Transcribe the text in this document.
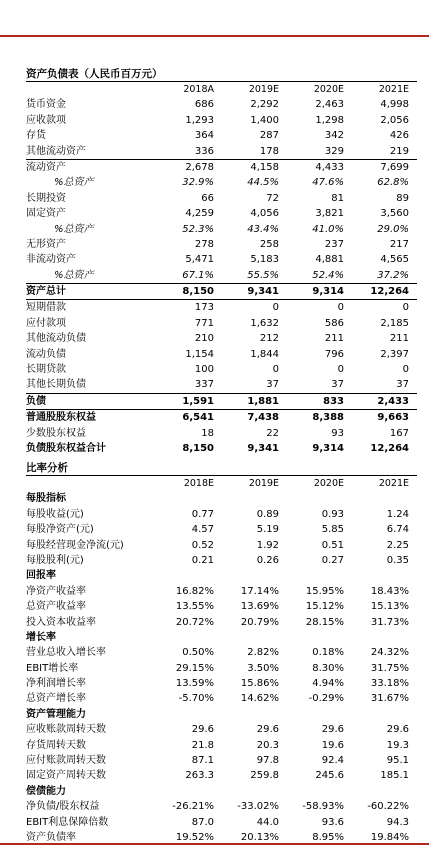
资产负债表（人民币百万元）
2018A	2019E	2020E	2021E
货币资金	686	2,292	2,463	4,998
应收款项	1,293	1,400	1,298	2,056
存货	364	287	342	426
其他流动资产	336	178	329	219
流动资产	2,678	4,158	4,433	7,699
%总资产	32.9%	44.5%	47.6%	62.8%
长期投资	66	72	81	89
固定资产	4,259	4,056	3,821	3,560
%总资产	52.3%	43.4%	41.0%	29.0%
无形资产	278	258	237	217
非流动资产	5,471	5,183	4,881	4,565
%总资产	67.1%	55.5%	52.4%	37.2%
资产总计	8,150	9,341	9,314	12,264
短期借款	173	0	0	0
应付款项	771	1,632	586	2,185
其他流动负债	210	212	211	211
流动负债	1,154	1,844	796	2,397
长期贷款	100	0	0	0
其他长期负债	337	37	37	37
负债	1,591	1,881	833	2,433
普通股股东权益	6,541	7,438	8,388	9,663
少数股东权益	18	22	93	167
负债股东权益合计	8,150	9,341	9,314	12,264
比率分析
2018E	2019E	2020E	2021E
每股指标
每股收益(元)	0.77	0.89	0.93	1.24
每股净资产(元)	4.57	5.19	5.85	6.74
每股经营现金净流(元)	0.52	1.92	0.51	2.25
每股股利(元)	0.21	0.26	0.27	0.35
回报率
净资产收益率	16.82%	17.14%	15.95%	18.43%
总资产收益率	13.55%	13.69%	15.12%	15.13%
投入资本收益率	20.72%	20.79%	28.15%	31.73%
增长率
营业总收入增长率	0.50%	2.82%	0.18%	24.32%
EBIT增长率	29.15%	3.50%	8.30%	31.75%
净利润增长率	13.59%	15.86%	4.94%	33.18%
总资产增长率	-5.70%	14.62%	-0.29%	31.67%
资产管理能力
应收账款周转天数	29.6	29.6	29.6	29.6
存货周转天数	21.8	20.3	19.6	19.3
应付账款周转天数	87.1	97.8	92.4	95.1
固定资产周转天数	263.3	259.8	245.6	185.1
偿债能力
净负债/股东权益	-26.21%	-33.02%	-58.93%	-60.22%
EBIT利息保障倍数	87.0	44.0	93.6	94.3
资产负债率	19.52%	20.13%	8.95%	19.84%
